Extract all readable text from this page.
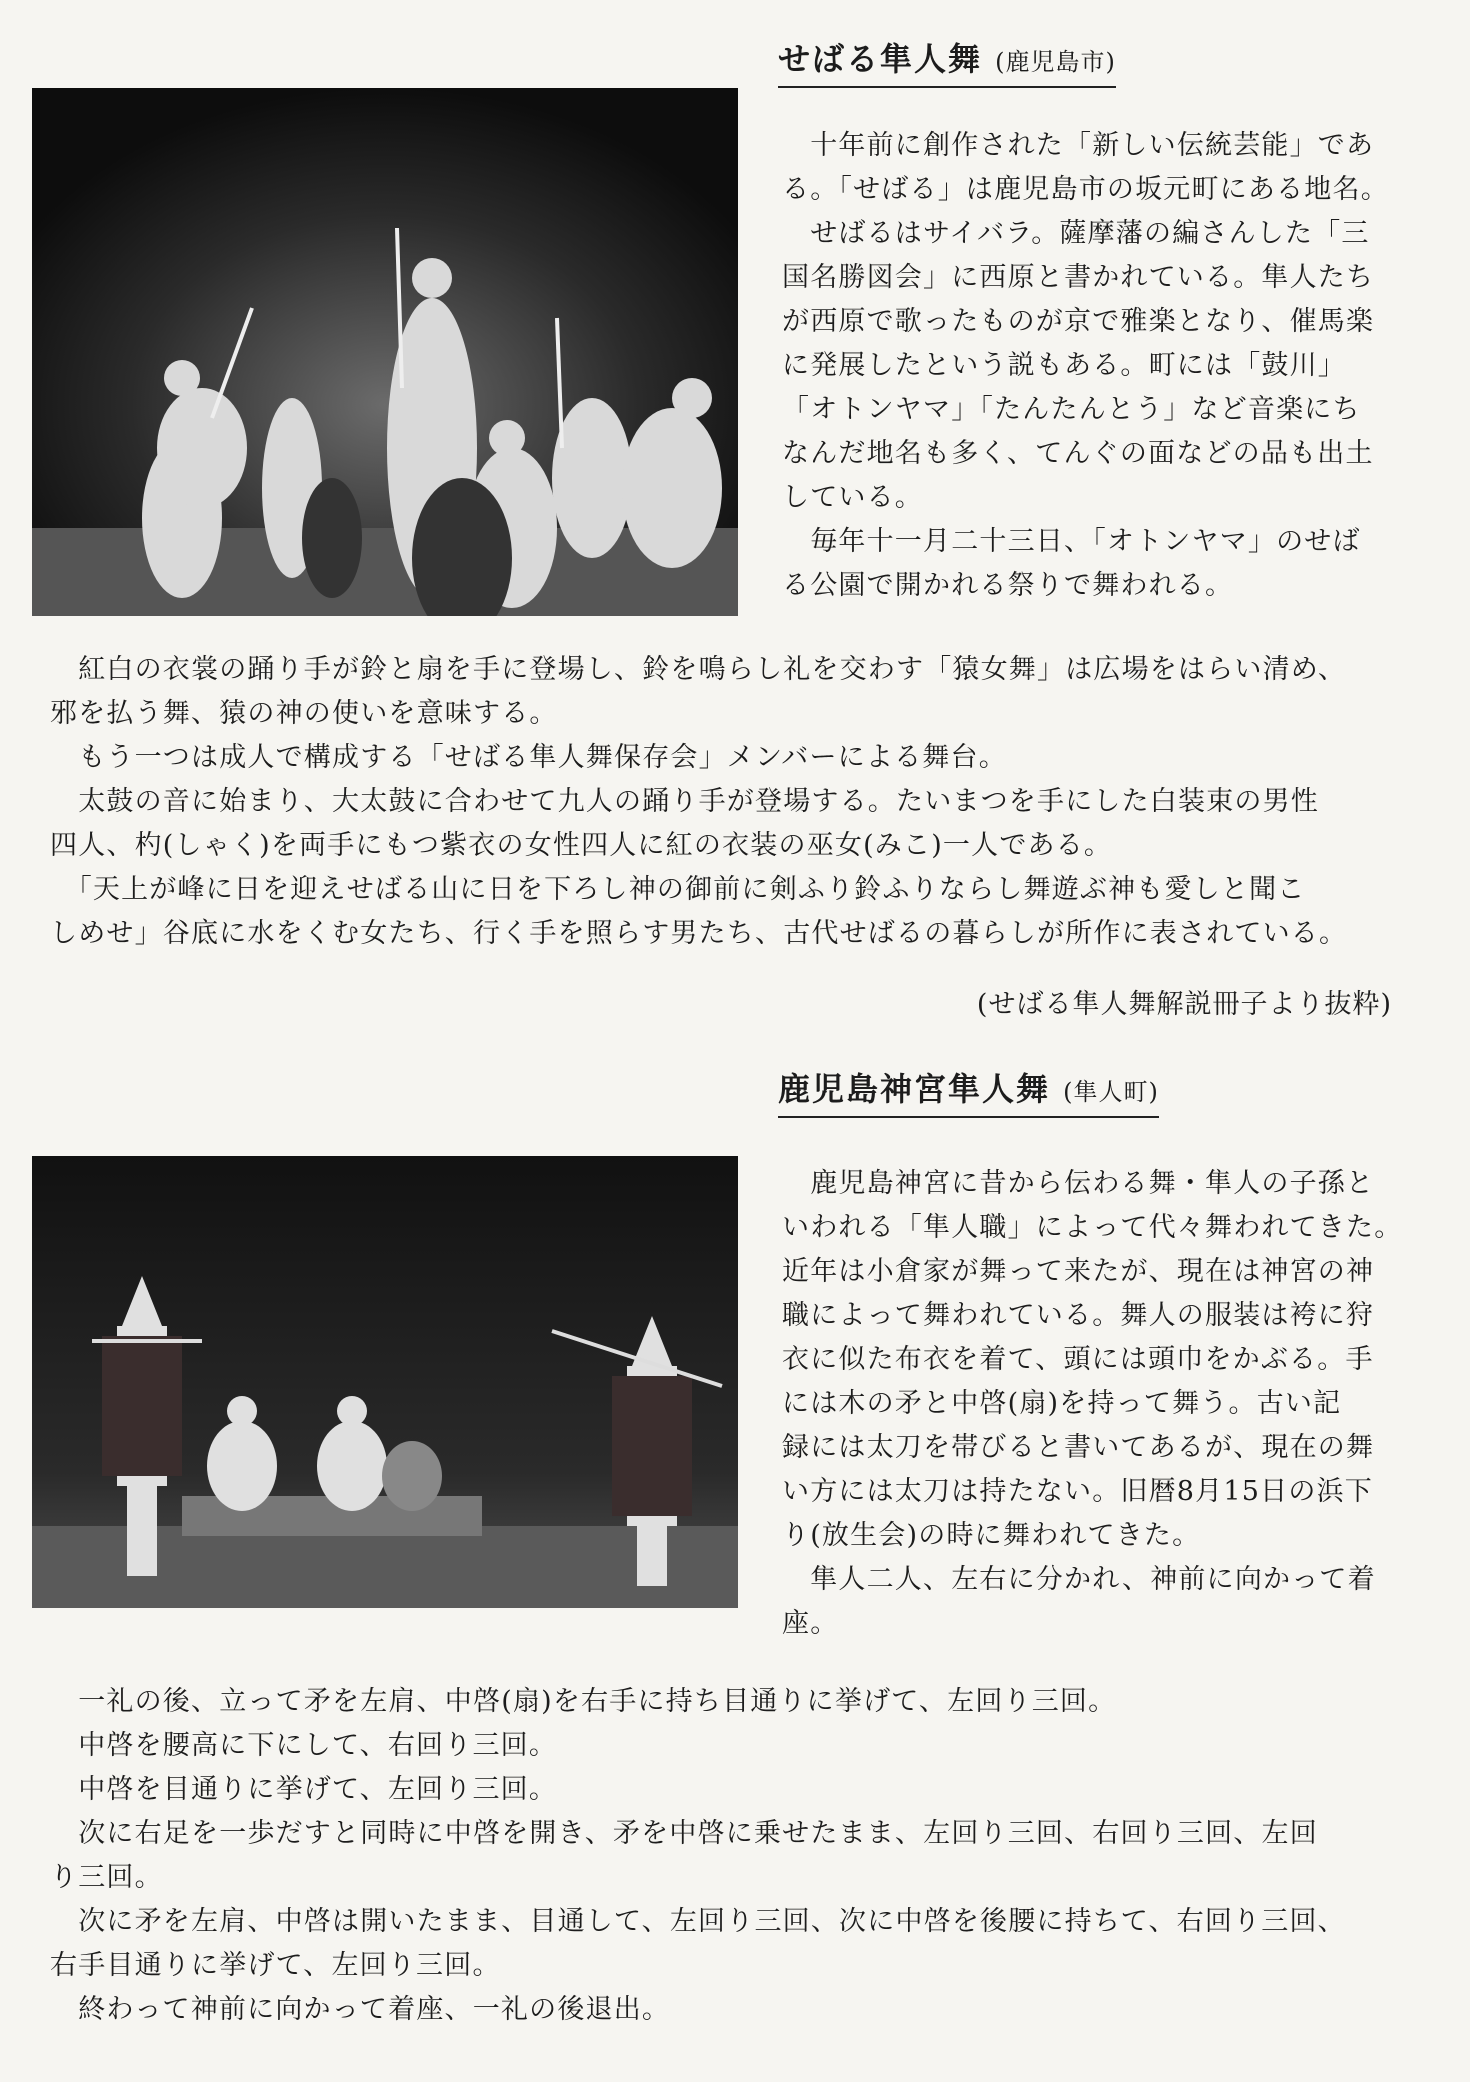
せばる隼人舞 (鹿児島市)

　十年前に創作された「新しい伝統芸能」であ
る。「せばる」は鹿児島市の坂元町にある地名。
　せばるはサイバラ。薩摩藩の編さんした「三
国名勝図会」に西原と書かれている。隼人たち
が西原で歌ったものが京で雅楽となり、催馬楽
に発展したという説もある。町には「鼓川」
「オトンヤマ」「たんたんとう」など音楽にち
なんだ地名も多く、てんぐの面などの品も出土
している。
　毎年十一月二十三日、「オトンヤマ」のせば
る公園で開かれる祭りで舞われる。

　紅白の衣裳の踊り手が鈴と扇を手に登場し、鈴を鳴らし礼を交わす「猿女舞」は広場をはらい清め、
邪を払う舞、猿の神の使いを意味する。
　もう一つは成人で構成する「せばる隼人舞保存会」メンバーによる舞台。
　太鼓の音に始まり、大太鼓に合わせて九人の踊り手が登場する。たいまつを手にした白装束の男性
四人、杓(しゃく)を両手にもつ紫衣の女性四人に紅の衣装の巫女(みこ)一人である。
　「天上が峰に日を迎えせばる山に日を下ろし神の御前に剣ふり鈴ふりならし舞遊ぶ神も愛しと聞こ
しめせ」谷底に水をくむ女たち、行く手を照らす男たち、古代せばるの暮らしが所作に表されている。

(せばる隼人舞解説冊子より抜粋)
鹿児島神宮隼人舞 (隼人町)

　鹿児島神宮に昔から伝わる舞・隼人の子孫と
いわれる「隼人職」によって代々舞われてきた。
近年は小倉家が舞って来たが、現在は神宮の神
職によって舞われている。舞人の服装は袴に狩
衣に似た布衣を着て、頭には頭巾をかぶる。手
には木の矛と中啓(扇)を持って舞う。古い記
録には太刀を帯びると書いてあるが、現在の舞
い方には太刀は持たない。旧暦8月15日の浜下
り(放生会)の時に舞われてきた。
　隼人二人、左右に分かれ、神前に向かって着
座。

　一礼の後、立って矛を左肩、中啓(扇)を右手に持ち目通りに挙げて、左回り三回。
　中啓を腰高に下にして、右回り三回。
　中啓を目通りに挙げて、左回り三回。
　次に右足を一歩だすと同時に中啓を開き、矛を中啓に乗せたまま、左回り三回、右回り三回、左回
り三回。
　次に矛を左肩、中啓は開いたまま、目通して、左回り三回、次に中啓を後腰に持ちて、右回り三回、
右手目通りに挙げて、左回り三回。
　終わって神前に向かって着座、一礼の後退出。
